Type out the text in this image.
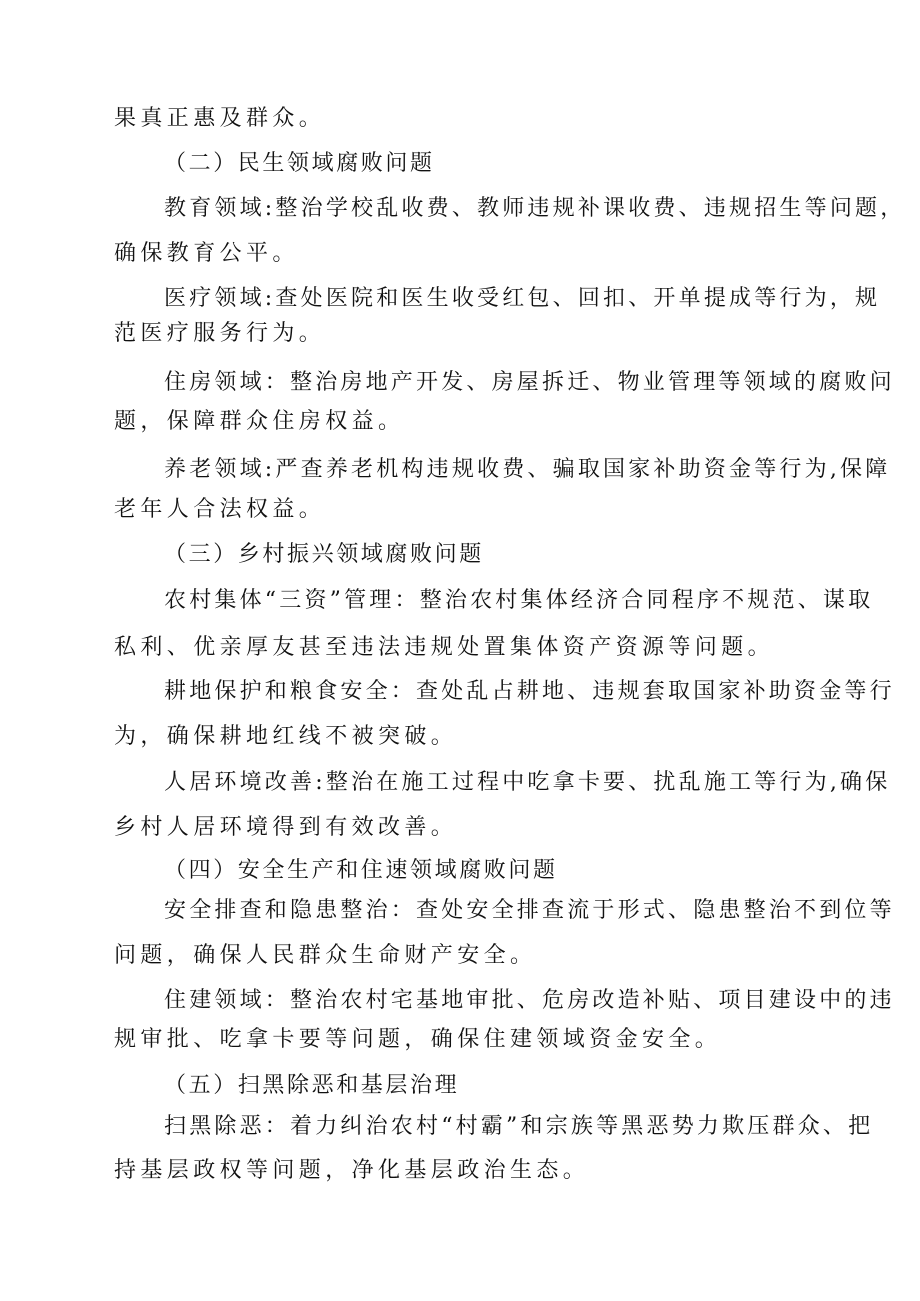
果真正惠及群众。
（二）民生领域腐败问题
教育领域:整治学校乱收费、教师违规补课收费、违规招生等问题，
确保教育公平。
医疗领域:查处医院和医生收受红包、回扣、开单提成等行为，规
范医疗服务行为。
住房领域：整治房地产开发、房屋拆迁、物业管理等领域的腐败问
题，保障群众住房权益。
养老领域:严查养老机构违规收费、骗取国家补助资金等行为,保障
老年人合法权益。
（三）乡村振兴领域腐败问题
农村集体“三资”管理：整治农村集体经济合同程序不规范、谋取
私利、优亲厚友甚至违法违规处置集体资产资源等问题。
耕地保护和粮食安全：查处乱占耕地、违规套取国家补助资金等行
为，确保耕地红线不被突破。
人居环境改善:整治在施工过程中吃拿卡要、扰乱施工等行为,确保
乡村人居环境得到有效改善。
（四）安全生产和住速领域腐败问题
安全排查和隐患整治：查处安全排查流于形式、隐患整治不到位等
问题，确保人民群众生命财产安全。
住建领域：整治农村宅基地审批、危房改造补贴、项目建设中的违
规审批、吃拿卡要等问题，确保住建领域资金安全。
（五）扫黑除恶和基层治理
扫黑除恶：着力纠治农村“村霸”和宗族等黑恶势力欺压群众、把
持基层政权等问题，净化基层政治生态。
